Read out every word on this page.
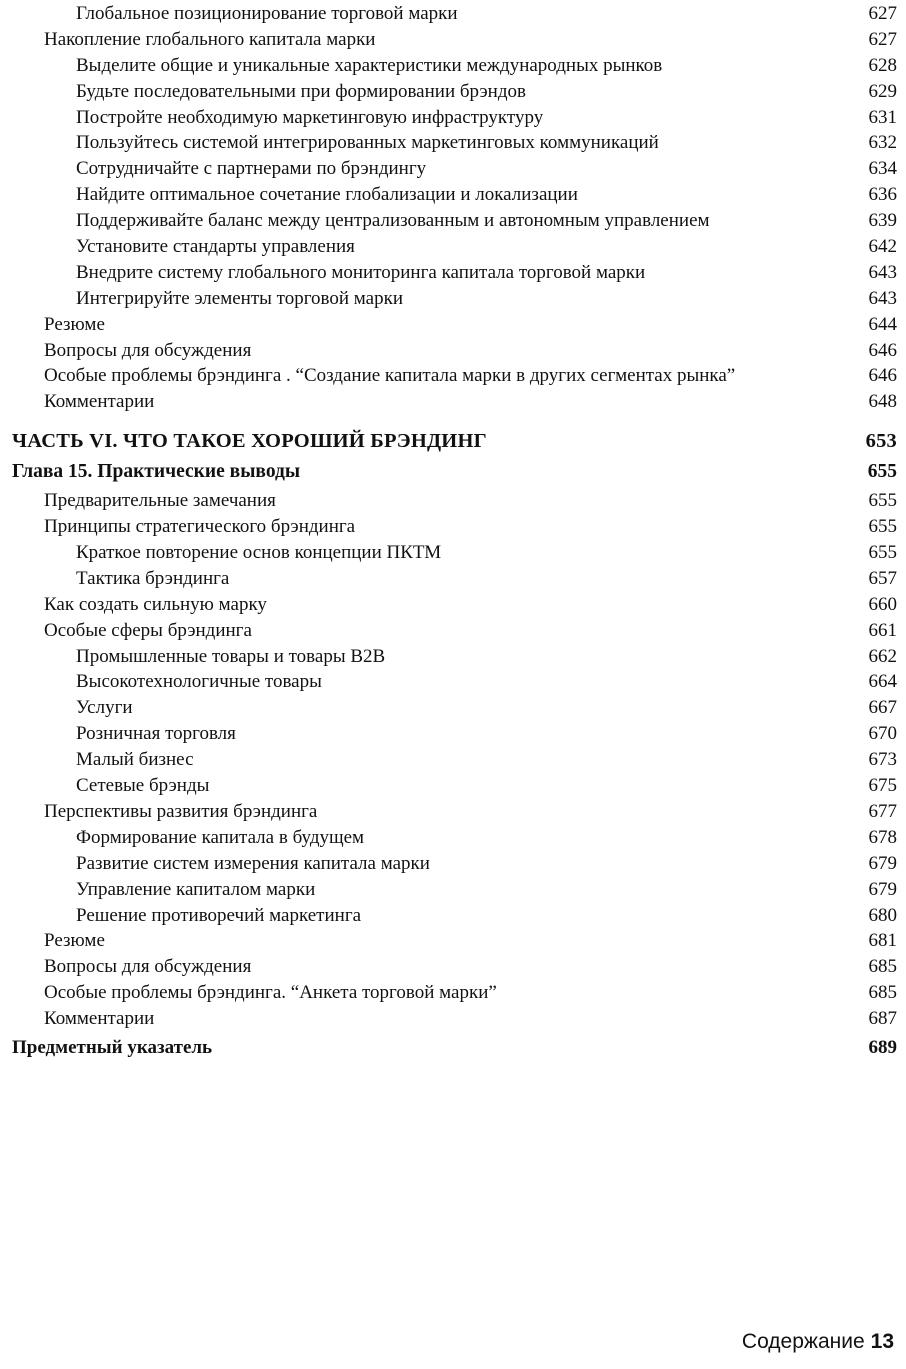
Глобальное позиционирование торговой марки	627
Накопление глобального капитала марки	627
Выделите общие и уникальные характеристики международных рынков	628
Будьте последовательными при формировании брэндов	629
Постройте необходимую маркетинговую инфраструктуру	631
Пользуйтесь системой интегрированных маркетинговых коммуникаций	632
Сотрудничайте с партнерами по брэндингу	634
Найдите оптимальное сочетание глобализации и локализации	636
Поддерживайте баланс между централизованным и автономным управлением	639
Установите стандарты управления	642
Внедрите систему глобального мониторинга капитала торговой марки	643
Интегрируйте элементы торговой марки	643
Резюме	644
Вопросы для обсуждения	646
Особые проблемы брэндинга . “Создание капитала марки в других сегментах рынка”	646
Комментарии	648
ЧАСТЬ VI. ЧТО ТАКОЕ ХОРОШИЙ БРЭНДИНГ	653
Глава 15. Практические выводы	655
Предварительные замечания	655
Принципы стратегического брэндинга	655
Краткое повторение основ концепции ПКТМ	655
Тактика брэндинга	657
Как создать сильную марку	660
Особые сферы брэндинга	661
Промышленные товары и товары В2В	662
Высокотехнологичные товары	664
Услуги	667
Розничная торговля	670
Малый бизнес	673
Сетевые брэнды	675
Перспективы развития брэндинга	677
Формирование капитала в будущем	678
Развитие систем измерения капитала марки	679
Управление капиталом марки	679
Решение противоречий маркетинга	680
Резюме	681
Вопросы для обсуждения	685
Особые проблемы брэндинга. “Анкета торговой марки”	685
Комментарии	687
Предметный указатель	689
Содержание 13
